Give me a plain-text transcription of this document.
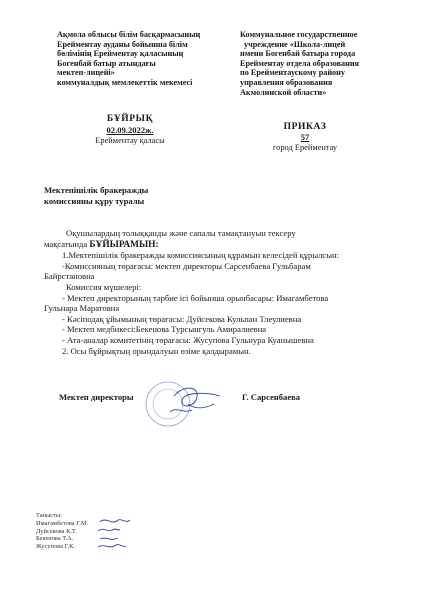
Ақмола облысы білім басқармасының
Ерейментау ауданы бойынша білім
бөлімінің Ерейментау қаласының
Богенбай батыр атындағы
мектеп-лицейі»
коммуналдық мемлекеттік мекемесі
Коммунальное государственное
учреждение «Школа-лицей
имени Богенбай батыра города
Ерейментау отдела образования
по Ерейментаускому району
управления образования
Акмолинской области»
БҰЙРЫҚ
02.09.2022ж.
Ерейментау қаласы
ПРИКАЗ
57
город Ерейментау
Мектепішілік бракеражды
комиссияны құру туралы
Оқушылардың толыққанды және сапалы тамақтануын тексеру
мақсатында БҰЙЫРАМЫН:
1.Мектепішілік бракеражды комиссиясының құрамын келесідей құрылсын:
-Комиссияның төрағасы: мектеп директоры Сарсенбаева Гульбарам
Байрстановна
Комиссия мүшелері:
- Мектеп директорының тәрбие ісі бойынша орынбасары: Имагамбетова
Гульнара Маратовна
- Кәсіподақ ұйымының төрағасы: Дуйсекова Кульпан Тлеулиевна
- Мектеп медбикесі:Бекенова Турсынгуль Амиралиевна
- Ата-аналар комитетінің төрағасы: Жусупова Гульнура Куанышевна
2. Осы бұйрықтың орындалуын өзіме қалдырамын.
Мектеп директоры	Г. Сарсенбаева
Танысты:
Имагамбетова Г.М.
Дуйсекова К.Т.
Бекенова Т.А.
Жусупова Г.К.
